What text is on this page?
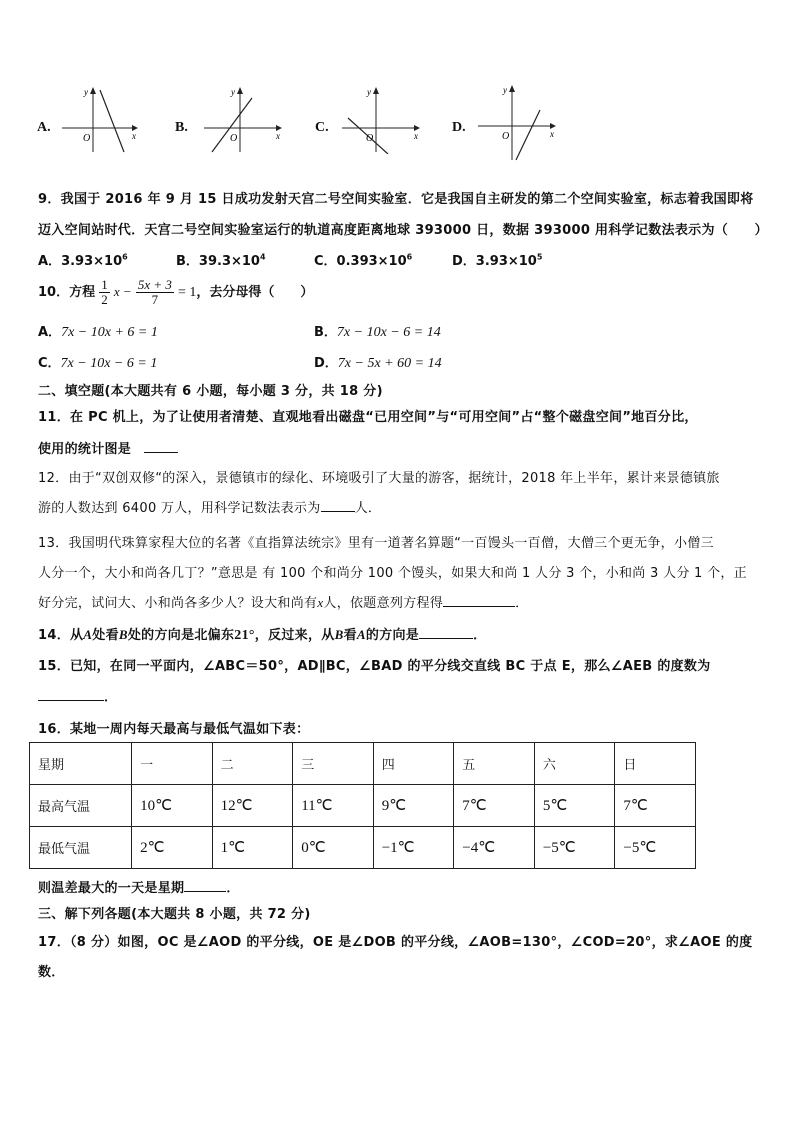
A.
y
O	x
B.
y
O	x
C.
y
O	x
D.
y
O	x
9．我国于 2016 年 9 月 15 日成功发射天宫二号空间实验室．它是我国自主研发的第二个空间实验室，标志着我国即将
迈入空间站时代．天宫二号空间实验室运行的轨道高度距离地球 393000 日，数据 393000 用科学记数法表示为（　　）
A．$3.93\times 10^6$	B．$39.3\times 10^4$	C．$0.393\times 10^6$	D．$3.93\times 10^5$
10．方程 $\frac{1}{2}$ $x - \frac{5x + 3}{7} = 1$，去分母得（　　）
A．7x − 10x + 6 = 1	B．7x − 10x − 6 = 14
C．7x − 10x − 6 = 1	D．7x − 5x + 60 = 14
二、填空题(本大题共有 6 小题，每小题 3 分，共 18 分)
11．在 PC 机上，为了让使用者清楚、直观地看出磁盘“已用空间”与“可用空间”占“整个磁盘空间”地百分比，
使用的统计图是　
12．由于“双创双修“的深入，景德镇市的绿化、环境吸引了大量的游客，据统计，2018 年上半年，累计来景德镇旅
游的人数达到 6400 万人，用科学记数法表示为	人．
13．我国明代珠算家程大位的名著《直指算法统宗》里有一道著名算题“一百馒头一百僧，大僧三个更无争，小僧三
人分一个，大小和尚各几丁？”意思是 有 100 个和尚分 100 个馒头，如果大和尚 1 人分 3 个，小和尚 3 人分 1 个，正
好分完，试问大、小和尚各多少人？设大和尚有x人，依题意列方程得	．
14．从A处看B处的方向是北偏东21°，反过来，从B看A的方向是	．
15．已知，在同一平面内，∠ABC＝50°，AD∥BC，∠BAD 的平分线交直线 BC 于点 E，那么∠AEB 的度数为
．
16．某地一周内每天最高与最低气温如下表：
星期	一	二	三	四	五	六	日
最高气温	10℃	12℃	11℃	9℃	7℃	5℃	7℃
最低气温	2℃	1℃	0℃	−1℃	−4℃	−5℃	−5℃
则温差最大的一天是星期	．
三、解下列各题(本大题共 8 小题，共 72 分)
17．（8 分）如图，OC 是∠AOD 的平分线，OE 是∠DOB 的平分线，∠AOB=130°，∠COD=20°，求∠AOE 的度
数．
